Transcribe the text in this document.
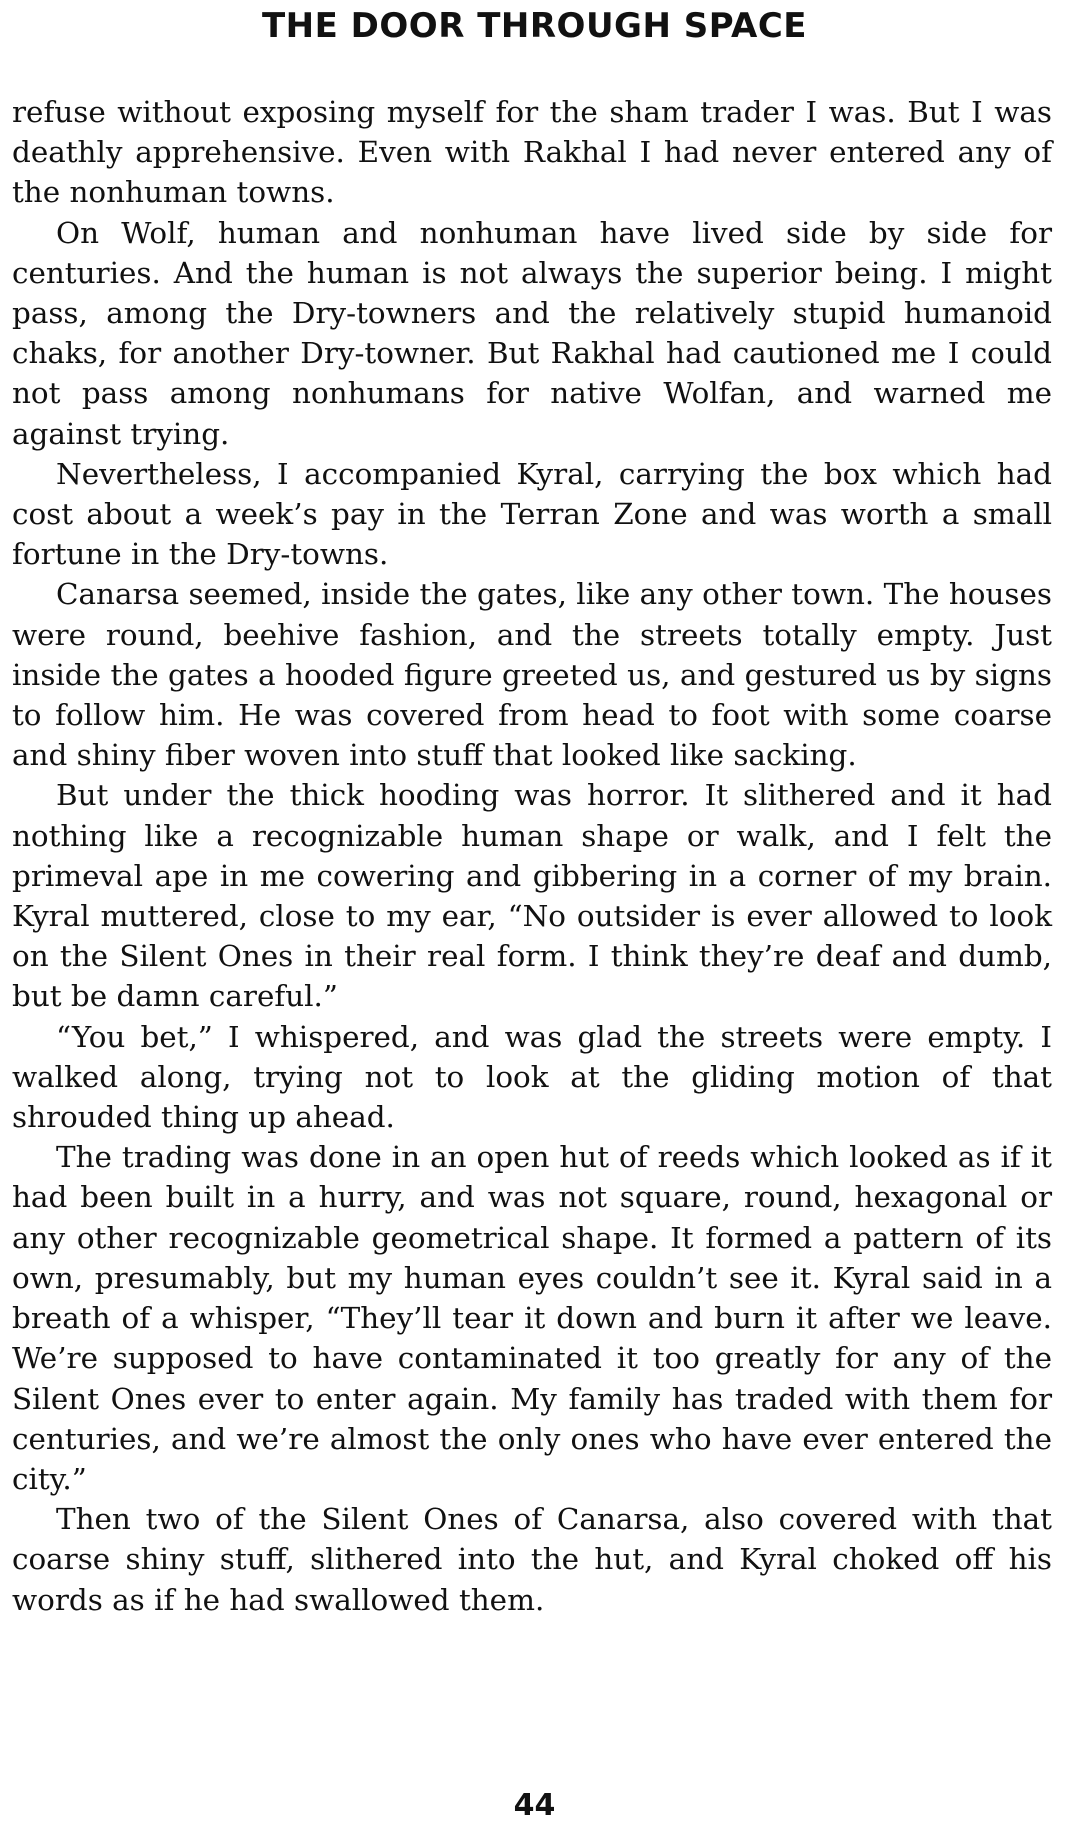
THE DOOR THROUGH SPACE

refuse without exposing myself for the sham trader I was. But I was deathly apprehensive. Even with Rakhal I had never entered any of the nonhuman towns.

On Wolf, human and nonhuman have lived side by side for centuries. And the human is not always the superior being. I might pass, among the Dry-towners and the relatively stupid humanoid chaks, for another Dry-towner. But Rakhal had cautioned me I could not pass among nonhumans for native Wolfan, and warned me against trying.

Nevertheless, I accompanied Kyral, carrying the box which had cost about a week’s pay in the Terran Zone and was worth a small fortune in the Dry-towns.

Canarsa seemed, inside the gates, like any other town. The houses were round, beehive fashion, and the streets totally empty. Just inside the gates a hooded figure greeted us, and gestured us by signs to follow him. He was covered from head to foot with some coarse and shiny fiber woven into stuff that looked like sacking.

But under the thick hooding was horror. It slithered and it had nothing like a recognizable human shape or walk, and I felt the primeval ape in me cowering and gibbering in a corner of my brain. Kyral muttered, close to my ear, “No outsider is ever allowed to look on the Silent Ones in their real form. I think they’re deaf and dumb, but be damn careful.”

“You bet,” I whispered, and was glad the streets were empty. I walked along, trying not to look at the gliding motion of that shrouded thing up ahead.

The trading was done in an open hut of reeds which looked as if it had been built in a hurry, and was not square, round, hexagonal or any other recognizable geometrical shape. It formed a pattern of its own, presumably, but my human eyes couldn’t see it. Kyral said in a breath of a whisper, “They’ll tear it down and burn it after we leave. We’re supposed to have contaminated it too greatly for any of the Silent Ones ever to enter again. My family has traded with them for centuries, and we’re almost the only ones who have ever entered the city.”

Then two of the Silent Ones of Canarsa, also covered with that coarse shiny stuff, slithered into the hut, and Kyral choked off his words as if he had swallowed them.

44
